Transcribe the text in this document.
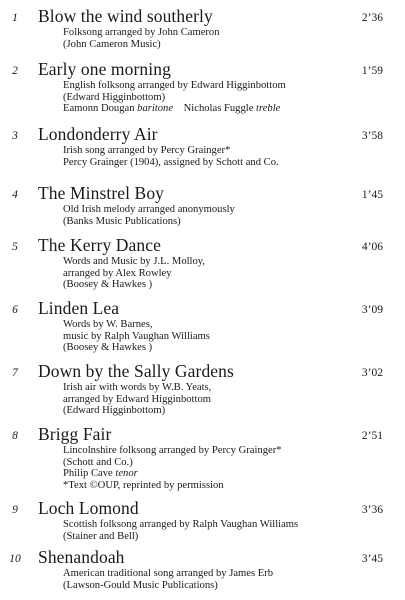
1	Blow the wind southerly	2’36
Folksong arranged by John Cameron
(John Cameron Music)
2	Early one morning	1’59
English folksong arranged by Edward Higginbottom
(Edward Higginbottom)
Eamonn Dougan baritone Nicholas Fuggle treble
3	Londonderry Air	3’58
Irish song arranged by Percy Grainger*
Percy Grainger (1904), assigned by Schott and Co.
4	The Minstrel Boy	1’45
Old Irish melody arranged anonymously
(Banks Music Publications)
5	The Kerry Dance	4’06
Words and Music by J.L. Molloy,
arranged by Alex Rowley
(Boosey & Hawkes )
6	Linden Lea	3’09
Words by W. Barnes,
music by Ralph Vaughan Williams
(Boosey & Hawkes )
7	Down by the Sally Gardens	3’02
Irish air with words by W.B. Yeats,
arranged by Edward Higginbottom
(Edward Higginbottom)
8	Brigg Fair	2’51
Lincolnshire folksong arranged by Percy Grainger*
(Schott and Co.)
Philip Cave tenor
*Text ©OUP, reprinted by permission
9	Loch Lomond	3’36
Scottish folksong arranged by Ralph Vaughan Williams
(Stainer and Bell)
10 Shenandoah	3’45
American traditional song arranged by James Erb
(Lawson-Gould Music Publications)
